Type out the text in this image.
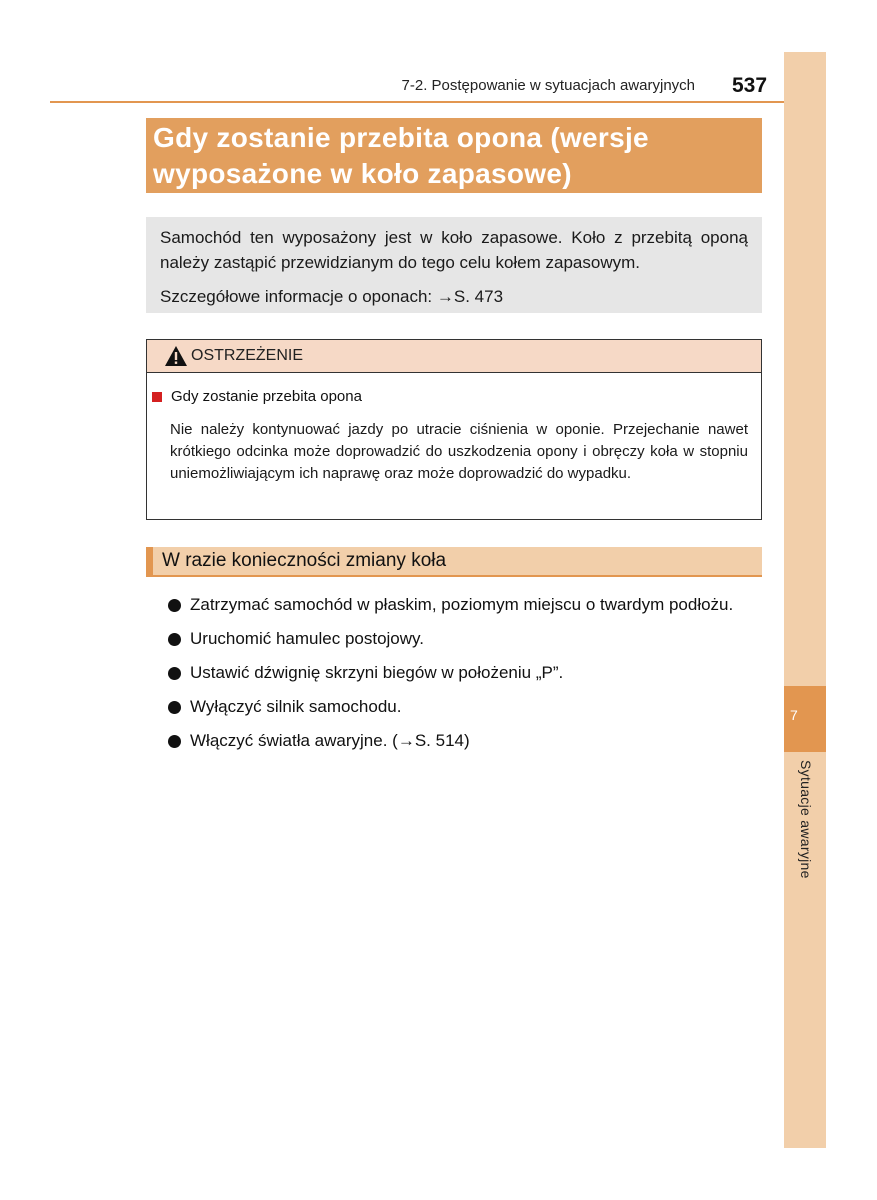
7
Sytuacje awaryjne
7-2. Postępowanie w sytuacjach awaryjnych 537
Gdy zostanie przebita opona (wersje
wyposażone w koło zapasowe)

Samochód ten wyposażony jest w koło zapasowe. Koło z przebitą oponą należy zastąpić przewidzianym do tego celu kołem zapasowym.

Szczegółowe informacje o oponach: →S. 473

OSTRZEŻENIE
Gdy zostanie przebita opona

Nie należy kontynuować jazdy po utracie ciśnienia w oponie. Przejechanie nawet krótkiego odcinka może doprowadzić do uszkodzenia opony i obręczy koła w stopniu uniemożliwiającym ich naprawę oraz może doprowadzić do wypadku.

W razie konieczności zmiany koła
Zatrzymać samochód w płaskim, poziomym miejscu o twardym podłożu.
Uruchomić hamulec postojowy.
Ustawić dźwignię skrzyni biegów w położeniu „P”.
Wyłączyć silnik samochodu.
Włączyć światła awaryjne. (→S. 514)
